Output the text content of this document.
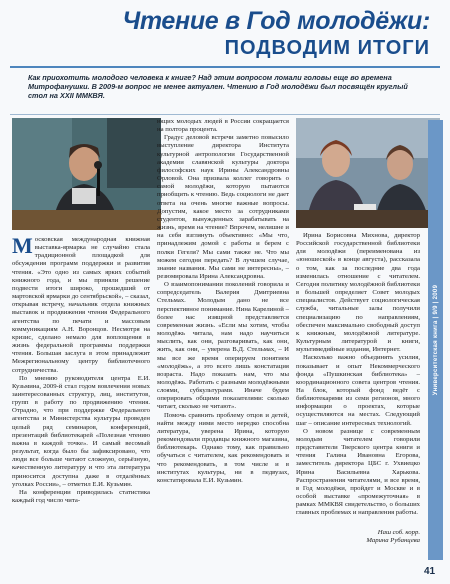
Чтение в Год молодёжи:
ПОДВОДИМ ИТОГИ
Как приохотить молодого человека к книге? Над этим вопросом ломали головы еще во времена Митрофанушки. В 2009-м вопрос не менее актуален. Чтению в Год молодёжи был посвящён круглый стол на XXII ММКВЯ.
М осковская международная книжная выставка-ярмарка не случайно стала традиционной площадкой для обсуждения программ поддержки и развития чтения. «Это одно из самых ярких событий книжного года, и мы приняли решение подвести итоги широко, прошедший от мартовской ярмарки до сентябрьской», – сказал, открывая встречу, начальник отдела книжных выставок и продвижения чтения Федерального агентства по печати и массовым коммуникациям А.Н. Воронцов. Несмотря на кризис, сделано немало для воплощения в жизнь федеральной программы поддержки чтения. Большая заслуга в этом принадлежит Межрегиональному центру библиотечного сотрудничества.

По мнению руководителя центра Е.И. Кузьмина, 2009-й стал годом вовлечения новых заинтересованных структур, лиц, институтов, групп в работу по продвижению чтения. Отрадно, что при поддержке Федерального агентства и Министерства культуры проведен целый ряд семинаров, конференций, презентаций библиотекарей «Полезная чтению важна в каждой точке». И самый весомый результат, когда было бы зафиксировано, что люди все больше читают сложную, серьёзную, качественную литературу и что эта литература приносится доступна даже в отдалённых уголках России», – отметил Е.И. Кузьмин.

На конференции приводилась статистика каждый год число чита-

ющих молодых людей в России сокращается на полтора процента.

Градус деловой встречи заметно повысило выступление директора Института культурной антропологии Государственной академии славянской культуры доктора философских наук Ирины Александровны Орловой. Она призвала коллег говорить о самой молодёжи, которую пытаются приобщить к чтению. Ведь социологи не дает ответа на очень многие важные вопросы. Допустим, какое место за сотрудниками студентов, вынужденных зарабатывать на жизнь, время на чтение? Впрочем, нелишне и на себя взглянуть объективно: «Мы что, принадлежим домой с работы и берем с полки Гегеля? Мы сами также не. Что мы можем сегодня передать? В лучшем случае, знание названия. Мы сами не интересны», – резюмировала Ирина Александровна.

О взаимопонимании поколений говорила и сопредседатель Валерия Дмитриевна Стельмах. Молодым дано не все перспективное понимание. Нина Карелиной – более нас изящной представляется современная жизнь. «Если мы хотим, чтобы молодёжь читала, нам надо научиться мыслить, как они, разговаривать, как они, жить, как они, – уверена В.Д. Стельмах, – И мы все же время оперируем понятием «молодёжь», а это всего лишь констатация возраста. Надо показать нам, что мы молодёжь. Работать с разными молодёжными слоями, субкультурами. Иначе будем оперировать общими показателями: сколько читает, сколько не читают».

Помочь сравнить проблему отцов и детей, найти между ними место нередко способна литература, уверена Ирина, которую рекомендовали продавцы книжного магазина, библиотекарь. Однако тому, как правильно обучаться с читателем, как рекомендовать и что рекомендовать, в том числе и в институтах культуры, ни в педвузах, констатировала Е.И. Кузьмин.

Ирина Борисовна Михнова, директор Российской государственной библиотеки для молодёжи (переименована из «юношеской» в конце августа), рассказала о том, как за последние два года изменилась отношение с читателем. Сегодня политику молодёжной библиотеки в большей определяет Совет молодых специалистов. Действует социологическая служба, читальные залы получили специализацию по направлениям, обеспечен максимально свободный доступ к книжным, молодёжной литературе. Культурным литературой и книги, мультимедийные издания, Интернет.

Насколько важно объединять усилия, показывает и опыт Некоммерческого фонда «Пушкинская библиотека» – координационного совета центров чтения. На блок, который фонд ведёт с библиотекарями из семи регионов, много информации о проектах, которые осуществляются на местах. Следующий шаг – описание интересных технологий.

О новом разнице с современным молодым читателем говорили представители Тверского центра книги и чтения Галина Ивановна Егорова, заместитель директора ЦБС г. Ухвиецко Ирина Васильевна Харькова. Распространения читателями, и все время, в Год молодёжи, пройдет и Москве и в особой выставке «промежуточная» в рамках ММКВЯ свидетельство, о больших главных проблемах и направления работы.

Наш соб. корр.
Марина Рубанцева
Университетская книга | 9/9 | 2009
41
